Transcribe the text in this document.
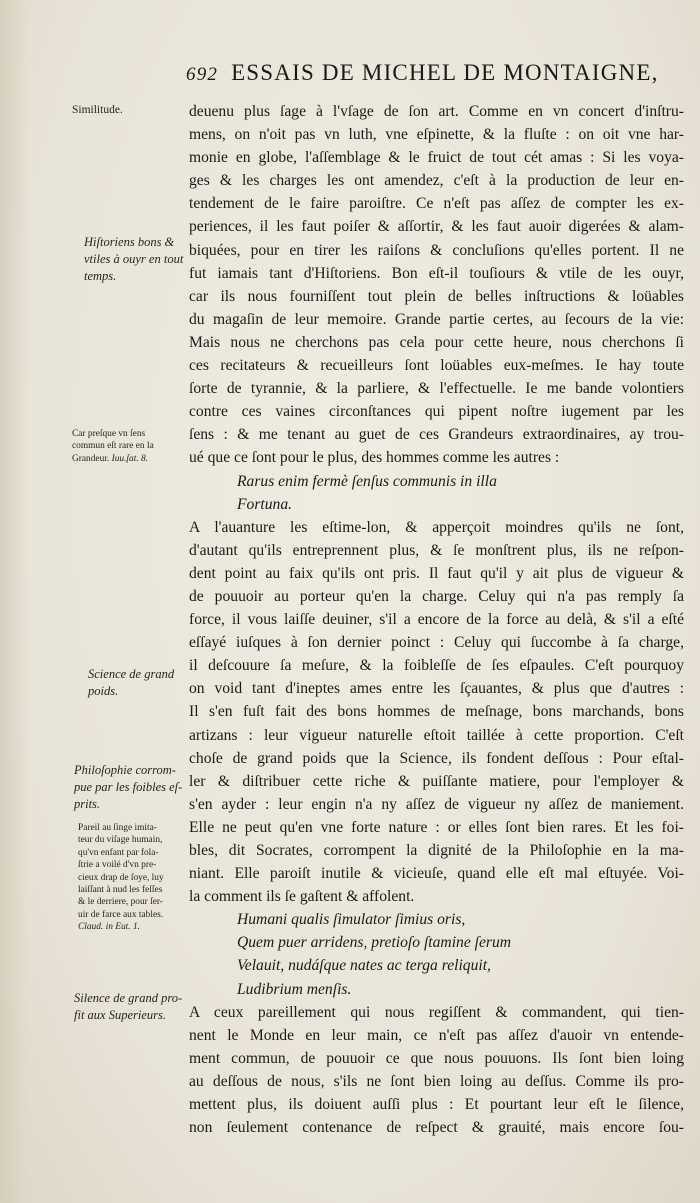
692 ESSAIS DE MICHEL DE MONTAIGNE,
Similitude.
Hiſtoriens bons &
vtiles à ouyr en tout
temps.
Car preſque vn ſens
commun eſt rare en la
Grandeur. Iuu.ſat. 8.
Science de grand
poids.
Philoſophie corrom-
pue par les foibles eſ-
prits.
Pareil au ſinge imita-
teur du viſage humain,
qu'vn enfant par fola-
ſtrie a voilé d'vn pre-
cieux drap de ſoye, luy
laiſſant à nud les feſſes
& le derriere, pour ſer-
uir de farce aux tables.
Claud. in Eut. 1.
Silence de grand pro-
fit aux Superieurs.
deuenu plus ſage à l'vſage de ſon art. Comme en vn concert d'inſtru-
mens, on n'oit pas vn luth, vne eſpinette, & la fluſte : on oit vne har-
monie en globe, l'aſſemblage & le fruict de tout cét amas : Si les voya-
ges & les charges les ont amendez, c'eſt à la production de leur en-
tendement de le faire paroiſtre. Ce n'eſt pas aſſez de compter les ex-
periences, il les faut poiſer & aſſortir, & les faut auoir digerées & alam-
biquées, pour en tirer les raiſons & concluſions qu'elles portent. Il ne
fut iamais tant d'Hiſtoriens. Bon eſt-il touſiours & vtile de les ouyr,
car ils nous fourniſſent tout plein de belles inſtructions & loüables
du magaſin de leur memoire. Grande partie certes, au ſecours de la vie:
Mais nous ne cherchons pas cela pour cette heure, nous cherchons ſi
ces recitateurs & recueilleurs ſont loüables eux-meſmes. Ie hay toute
ſorte de tyrannie, & la parliere, & l'effectuelle. Ie me bande volontiers
contre ces vaines circonſtances qui pipent noſtre iugement par les
ſens : & me tenant au guet de ces Grandeurs extraordinaires, ay trou-
ué que ce ſont pour le plus, des hommes comme les autres :
Rarus enim fermè ſenſus communis in illa
Fortuna.
A l'auanture les eſtime-lon, & apperçoit moindres qu'ils ne ſont,
d'autant qu'ils entreprennent plus, & ſe monſtrent plus, ils ne reſpon-
dent point au faix qu'ils ont pris. Il faut qu'il y ait plus de vigueur &
de pouuoir au porteur qu'en la charge. Celuy qui n'a pas remply ſa
force, il vous laiſſe deuiner, s'il a encore de la force au delà, & s'il a eſté
eſſayé iuſques à ſon dernier poinct : Celuy qui ſuccombe à ſa charge,
il deſcouure ſa meſure, & la foibleſſe de ſes eſpaules. C'eſt pourquoy
on void tant d'ineptes ames entre les ſçauantes, & plus que d'autres :
Il s'en fuſt fait des bons hommes de meſnage, bons marchands, bons
artizans : leur vigueur naturelle eſtoit taillée à cette proportion. C'eſt
choſe de grand poids que la Science, ils fondent deſſous : Pour eſtal-
ler & diſtribuer cette riche & puiſſante matiere, pour l'employer &
s'en ayder : leur engin n'a ny aſſez de vigueur ny aſſez de maniement.
Elle ne peut qu'en vne forte nature : or elles ſont bien rares. Et les foi-
bles, dit Socrates, corrompent la dignité de la Philoſophie en la ma-
niant. Elle paroiſt inutile & vicieuſe, quand elle eſt mal eſtuyée. Voi-
la comment ils ſe gaſtent & affolent.
Humani qualis ſimulator ſimius oris,
Quem puer arridens, pretioſo ſtamine ſerum
Velauit, nudáſque nates ac terga reliquit,
Ludibrium menſis.
A ceux pareillement qui nous regiſſent & commandent, qui tien-
nent le Monde en leur main, ce n'eſt pas aſſez d'auoir vn entende-
ment commun, de pouuoir ce que nous pouuons. Ils ſont bien loing
au deſſous de nous, s'ils ne ſont bien loing au deſſus. Comme ils pro-
mettent plus, ils doiuent auſſi plus : Et pourtant leur eſt le ſilence,
non ſeulement contenance de reſpect & grauité, mais encore ſou-
